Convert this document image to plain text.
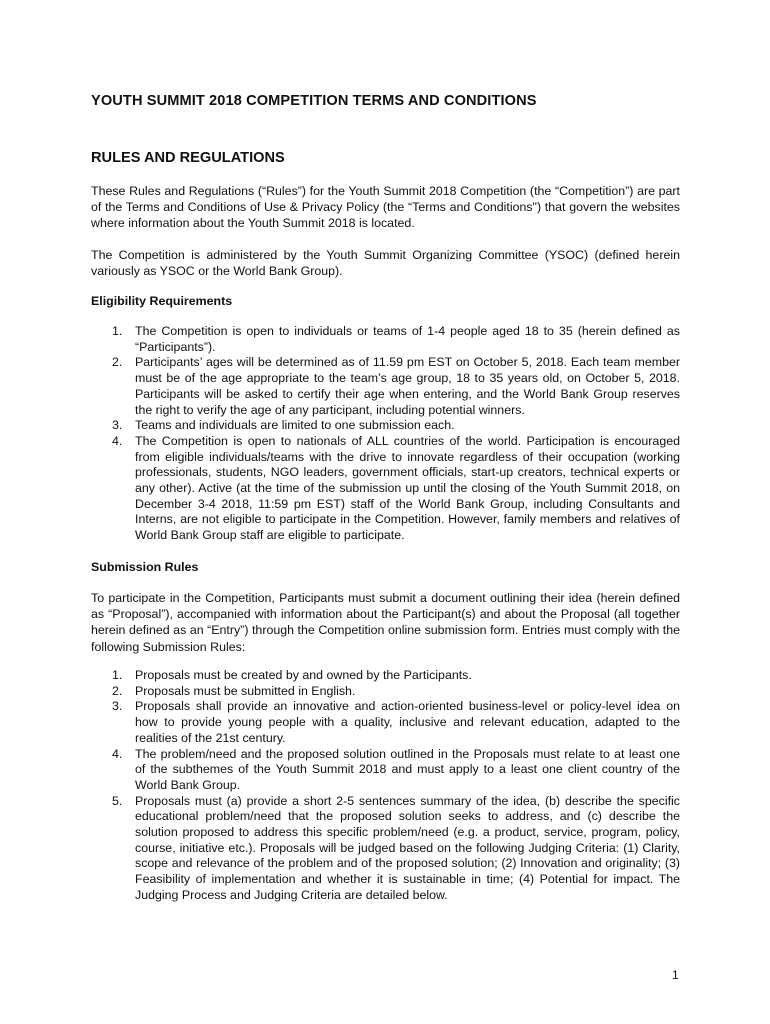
YOUTH SUMMIT 2018 COMPETITION TERMS AND CONDITIONS
RULES AND REGULATIONS

These Rules and Regulations (“Rules”) for the Youth Summit 2018 Competition (the “Competition”) are part of the Terms and Conditions of Use & Privacy Policy (the “Terms and Conditions") that govern the websites where information about the Youth Summit 2018 is located.

The Competition is administered by the Youth Summit Organizing Committee (YSOC) (defined herein variously as YSOC or the World Bank Group).

Eligibility Requirements
1. The Competition is open to individuals or teams of 1-4 people aged 18 to 35 (herein defined as “Participants”).
2. Participants’ ages will be determined as of 11.59 pm EST on October 5, 2018. Each team member must be of the age appropriate to the team’s age group, 18 to 35 years old, on October 5, 2018. Participants will be asked to certify their age when entering, and the World Bank Group reserves the right to verify the age of any participant, including potential winners.
3. Teams and individuals are limited to one submission each.
4. The Competition is open to nationals of ALL countries of the world. Participation is encouraged from eligible individuals/teams with the drive to innovate regardless of their occupation (working professionals, students, NGO leaders, government officials, start-up creators, technical experts or any other). Active (at the time of the submission up until the closing of the Youth Summit 2018, on December 3-4 2018, 11:59 pm EST) staff of the World Bank Group, including Consultants and Interns, are not eligible to participate in the Competition. However, family members and relatives of World Bank Group staff are eligible to participate.
Submission Rules

To participate in the Competition, Participants must submit a document outlining their idea (herein defined as “Proposal”), accompanied with information about the Participant(s) and about the Proposal (all together herein defined as an “Entry”) through the Competition online submission form. Entries must comply with the following Submission Rules:

1. Proposals must be created by and owned by the Participants.
2. Proposals must be submitted in English.
3. Proposals shall provide an innovative and action-oriented business-level or policy-level idea on how to provide young people with a quality, inclusive and relevant education, adapted to the realities of the 21st century.
4. The problem/need and the proposed solution outlined in the Proposals must relate to at least one of the subthemes of the Youth Summit 2018 and must apply to a least one client country of the World Bank Group.
5. Proposals must (a) provide a short 2-5 sentences summary of the idea, (b) describe the specific educational problem/need that the proposed solution seeks to address, and (c) describe the solution proposed to address this specific problem/need (e.g. a product, service, program, policy, course, initiative etc.). Proposals will be judged based on the following Judging Criteria: (1) Clarity, scope and relevance of the problem and of the proposed solution; (2) Innovation and originality; (3) Feasibility of implementation and whether it is sustainable in time; (4) Potential for impact. The Judging Process and Judging Criteria are detailed below.
1
